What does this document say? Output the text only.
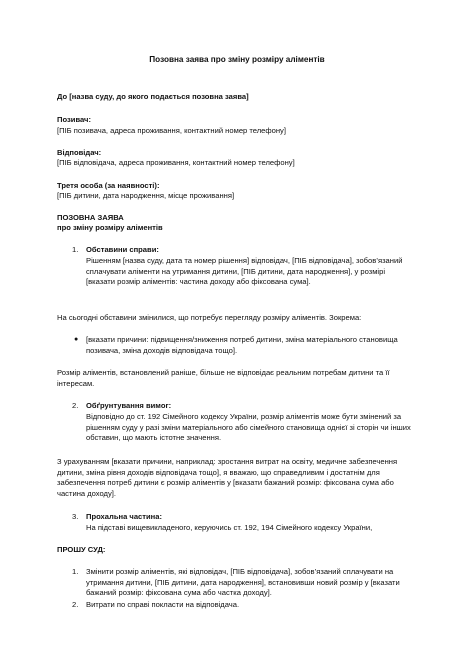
Позовна заява про зміну розміру аліментів
До [назва суду, до якого подається позовна заява]
Позивач:
[ПІБ позивача, адреса проживання, контактний номер телефону]
Відповідач:
[ПІБ відповідача, адреса проживання, контактний номер телефону]
Третя особа (за наявності):
[ПІБ дитини, дата народження, місце проживання]
ПОЗОВНА ЗАЯВА
про зміну розміру аліментів
1.	Обставини справи:
Рішенням [назва суду, дата та номер рішення] відповідач, [ПІБ відповідача], зобов’язаний сплачувати аліменти на утримання дитини, [ПІБ дитини, дата народження], у розмірі [вказати розмір аліментів: частина доходу або фіксована сума].
На сьогодні обставини змінилися, що потребує перегляду розміру аліментів. Зокрема:
●	[вказати причини: підвищення/зниження потреб дитини, зміна матеріального становища позивача, зміна доходів відповідача тощо].
Розмір аліментів, встановлений раніше, більше не відповідає реальним потребам дитини та її інтересам.
2.	Обґрунтування вимог:
Відповідно до ст. 192 Сімейного кодексу України, розмір аліментів може бути змінений за рішенням суду у разі зміни матеріального або сімейного становища однієї зі сторін чи інших обставин, що мають істотне значення.
З урахуванням [вказати причини, наприклад: зростання витрат на освіту, медичне забезпечення дитини, зміна рівня доходів відповідача тощо], я вважаю, що справедливим і достатнім для забезпечення потреб дитини є розмір аліментів у [вказати бажаний розмір: фіксована сума або частина доходу].
3.	Прохальна частина:
На підставі вищевикладеного, керуючись ст. 192, 194 Сімейного кодексу України,
ПРОШУ СУД:
1.	Змінити розмір аліментів, які відповідач, [ПІБ відповідача], зобов’язаний сплачувати на утримання дитини, [ПІБ дитини, дата народження], встановивши новий розмір у [вказати бажаний розмір: фіксована сума або частка доходу].
2.	Витрати по справі покласти на відповідача.
